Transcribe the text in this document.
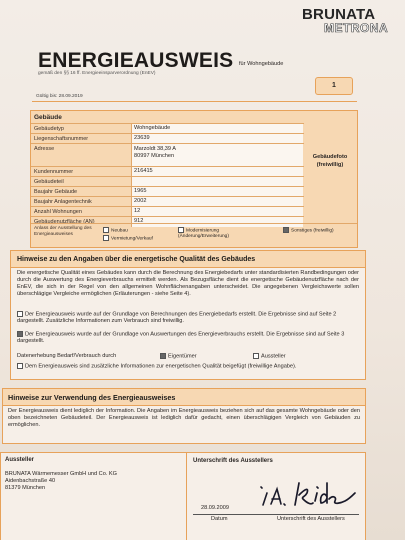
BRUNATA
METRONA
ENERGIEAUSWEIS für Wohngebäude
gemäß den §§ 16 ff. Energieeinsparverordnung (EnEV)
Gültig bis: 28.09.2019
1
Gebäude
Gebäudetyp	Wohngebäude
Liegenschaftsnummer	23639
Adresse	Marzoldt 38,39 A
80997 München
Kundennummer	216415
Gebäudeteil
Baujahr Gebäude	1965
Baujahr Anlagentechnik	2002
Anzahl Wohnungen	12
Gebäudenutzfläche (AN)	912
Gebäudefoto
(freiwillig)
Anlass der Ausstellung des Energieausweises
Neubau
Vermietung/Verkauf
Modernisierung (Änderung/Erweiterung)
Sonstiges (freiwillig)
Hinweise zu den Angaben über die energetische Qualität des Gebäudes
Die energetische Qualität eines Gebäudes kann durch die Berechnung des Energiebedarfs unter standardisierten Randbedingungen oder durch die Auswertung des Energieverbrauchs ermittelt werden. Als Bezugsfläche dient die energetische Gebäudenutzfläche nach der EnEV, die sich in der Regel von den allgemeinen Wohnflächenangaben unterscheidet. Die angegebenen Vergleichswerte sollen überschlägige Vergleiche ermöglichen (Erläuterungen - siehe Seite 4).
Der Energieausweis wurde auf der Grundlage von Berechnungen des Energiebedarfs erstellt. Die Ergebnisse sind auf Seite 2 dargestellt. Zusätzliche Informationen zum Verbrauch sind freiwillig.
Der Energieausweis wurde auf der Grundlage von Auswertungen des Energieverbrauchs erstellt. Die Ergebnisse sind auf Seite 3 dargestellt.
Datenerhebung Bedarf/Verbrauch durch	Eigentümer	Aussteller
Dem Energieausweis sind zusätzliche Informationen zur energetischen Qualität beigefügt (freiwillige Angabe).
Hinweise zur Verwendung des Energieausweises
Der Energieausweis dient lediglich der Information. Die Angaben im Energieausweis beziehen sich auf das gesamte Wohngebäude oder den oben bezeichneten Gebäudeteil. Der Energieausweis ist lediglich dafür gedacht, einen überschlägigen Vergleich von Gebäuden zu ermöglichen.
Aussteller
BRUNATA Wärmemesser GmbH und Co. KG
Aidenbachstraße 40
81379 München
Unterschrift des Ausstellers
28.09.2009
Datum	Unterschrift des Ausstellers
